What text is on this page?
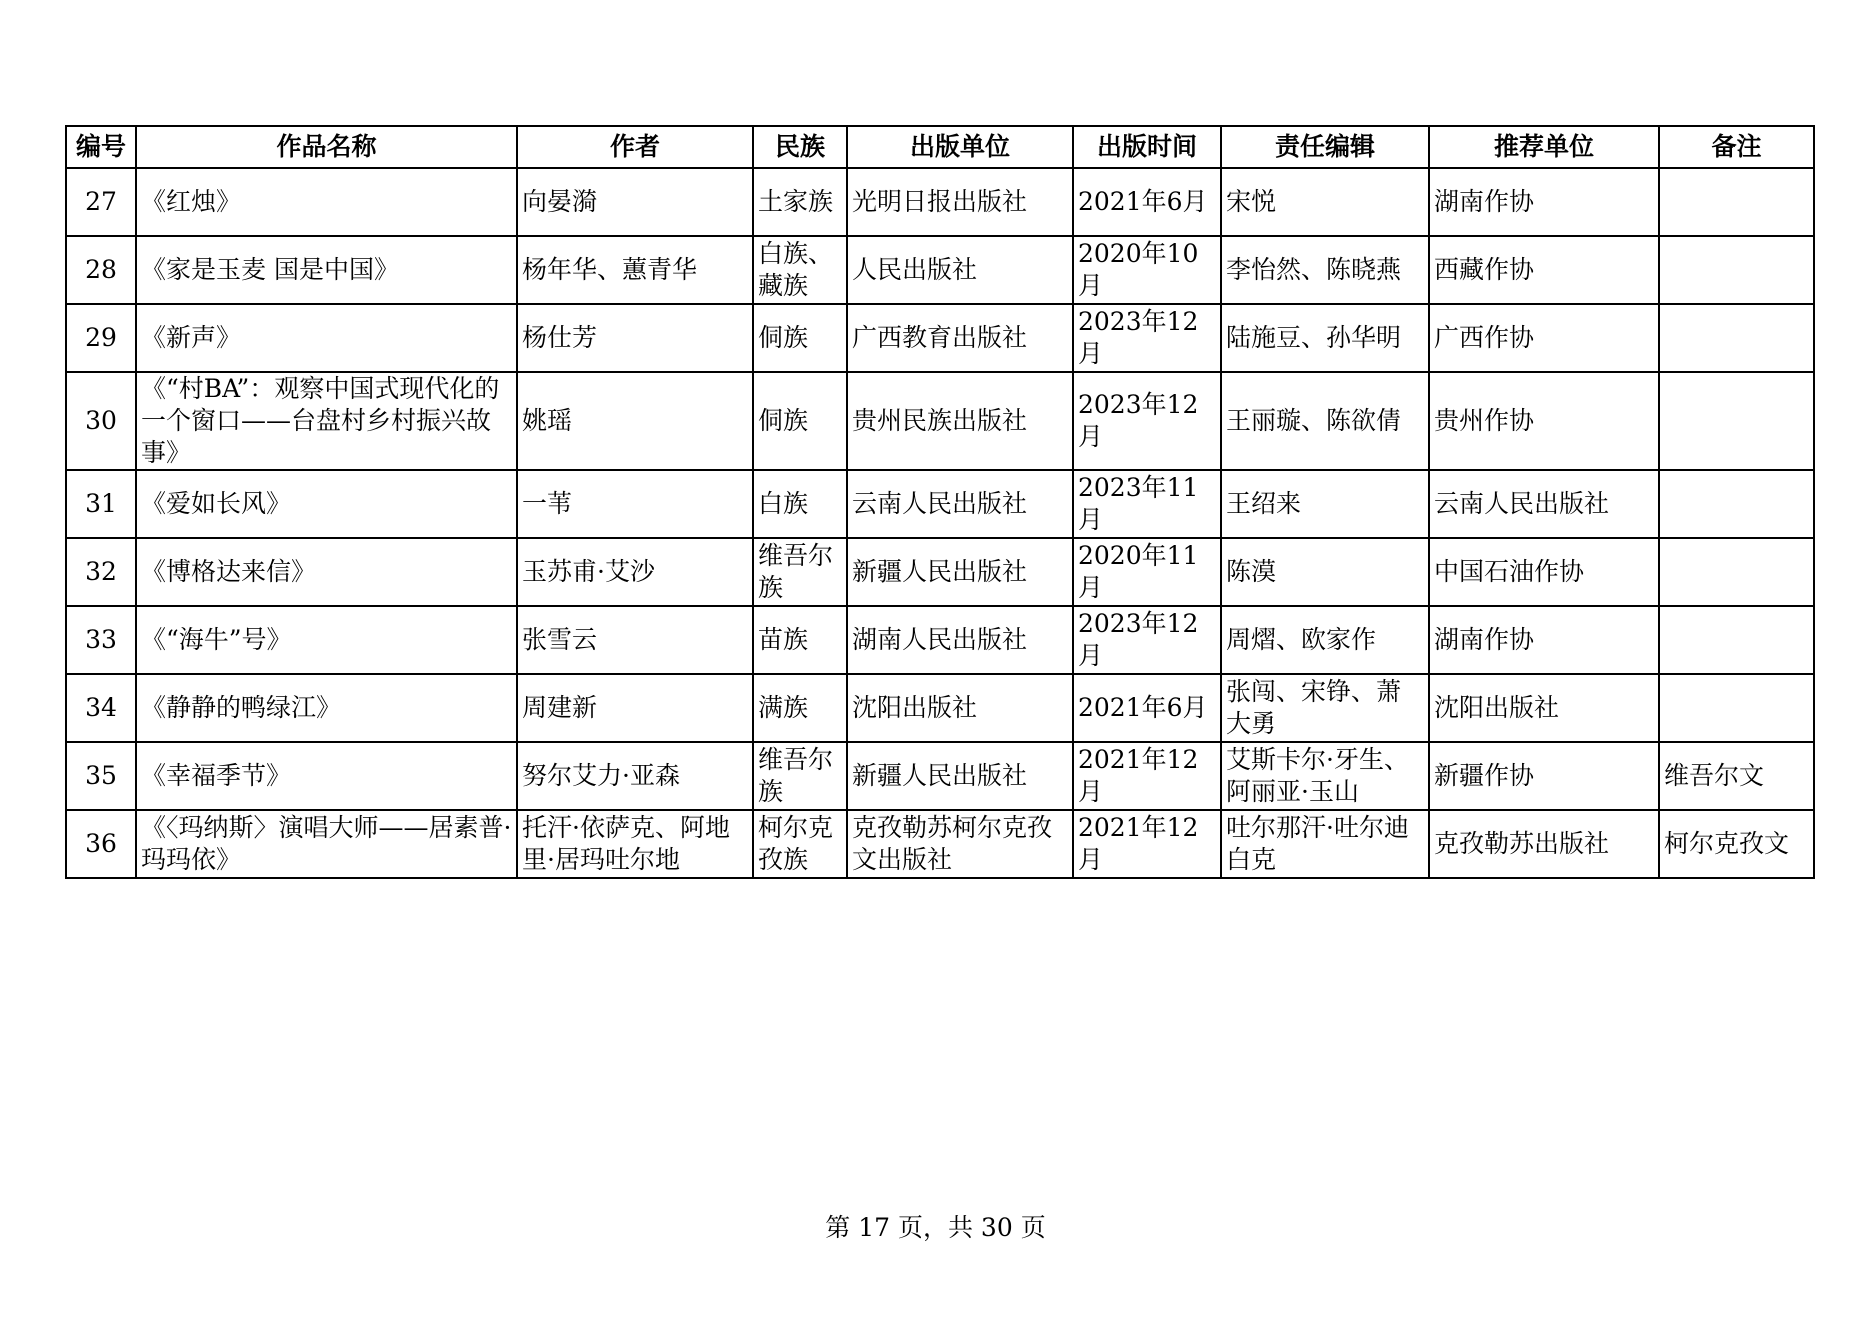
编号	作品名称	作者	民族	出版单位	出版时间	责任编辑	推荐单位	备注
27	《红烛》	向晏漪	土家族	光明日报出版社	2021年6月	宋悦	湖南作协	
28	《家是玉麦 国是中国》	杨年华、蕙青华	白族、藏族	人民出版社	2020年10月	李怡然、陈晓燕	西藏作协	
29	《新声》	杨仕芳	侗族	广西教育出版社	2023年12月	陆施豆、孙华明	广西作协	
30	《“村BA”：观察中国式现代化的一个窗口——台盘村乡村振兴故事》	姚瑶	侗族	贵州民族出版社	2023年12月	王丽璇、陈欲倩	贵州作协	
31	《爱如长风》	一苇	白族	云南人民出版社	2023年11月	王绍来	云南人民出版社	
32	《博格达来信》	玉苏甫·艾沙	维吾尔族	新疆人民出版社	2020年11月	陈漠	中国石油作协	
33	《“海牛”号》	张雪云	苗族	湖南人民出版社	2023年12月	周熠、欧家作	湖南作协	
34	《静静的鸭绿江》	周建新	满族	沈阳出版社	2021年6月	张闯、宋铮、萧大勇	沈阳出版社	
35	《幸福季节》	努尔艾力·亚森	维吾尔族	新疆人民出版社	2021年12月	艾斯卡尔·牙生、阿丽亚·玉山	新疆作协	维吾尔文
36	《〈玛纳斯〉演唱大师——居素普·玛玛依》	托汗·依萨克、阿地里·居玛吐尔地	柯尔克孜族	克孜勒苏柯尔克孜文出版社	2021年12月	吐尔那汗·吐尔迪白克	克孜勒苏出版社	柯尔克孜文
第 17 页，共 30 页
